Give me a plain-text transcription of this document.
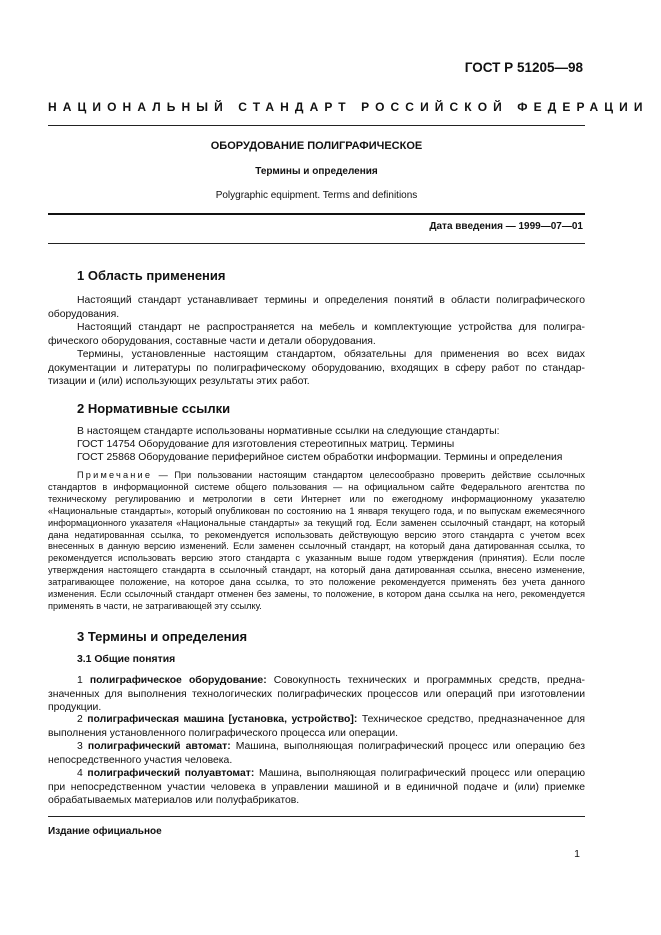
ГОСТ Р 51205—98
НАЦИОНАЛЬНЫЙ СТАНДАРТ РОССИЙСКОЙ ФЕДЕРАЦИИ
ОБОРУДОВАНИЕ ПОЛИГРАФИЧЕСКОЕ
Термины и определения
Polygraphic equipment. Terms and definitions
Дата введения — 1999—07—01
1 Область применения
Настоящий стандарт устанавливает термины и определения понятий в области полиграфического оборудования.
Настоящий стандарт не распространяется на мебель и комплектующие устройства для полиграфического оборудования, составные части и детали оборудования.
Термины, установленные настоящим стандартом, обязательны для применения во всех видах документации и литературы по полиграфическому оборудованию, входящих в сферу работ по стандартизации и (или) использующих результаты этих работ.
2 Нормативные ссылки
В настоящем стандарте использованы нормативные ссылки на следующие стандарты:
ГОСТ 14754 Оборудование для изготовления стереотипных матриц. Термины
ГОСТ 25868 Оборудование периферийное систем обработки информации. Термины и определения
Примечание — При пользовании настоящим стандартом целесообразно проверить действие ссылочных стандартов в информационной системе общего пользования — на официальном сайте Федерального агентства по техническому регулированию и метрологии в сети Интернет или по ежегодному информационному указателю «Национальные стандарты», который опубликован по состоянию на 1 января текущего года, и по выпускам ежемесячного информационного указателя «Национальные стандарты» за текущий год. Если заменен ссылочный стандарт, на который дана недатированная ссылка, то рекомендуется использовать действующую версию этого стандарта с учетом всех внесенных в данную версию изменений. Если заменен ссылочный стандарт, на который дана датированная ссылка, то рекомендуется использовать версию этого стандарта с указанным выше годом утверждения (принятия). Если после утверждения настоящего стандарта в ссылочный стандарт, на который дана датированная ссылка, внесено изменение, затрагивающее положение, на которое дана ссылка, то это положение рекомендуется применять без учета данного изменения. Если ссылочный стандарт отменен без замены, то положение, в котором дана ссылка на него, рекомендуется применять в части, не затрагивающей эту ссылку.
3 Термины и определения
3.1 Общие понятия
1 полиграфическое оборудование: Совокупность технических и программных средств, предназначенных для выполнения технологических полиграфических процессов или операций при изготовлении продукции.
2 полиграфическая машина [установка, устройство]: Техническое средство, предназначенное для выполнения установленного полиграфического процесса или операции.
3 полиграфический автомат: Машина, выполняющая полиграфический процесс или операцию без непосредственного участия человека.
4 полиграфический полуавтомат: Машина, выполняющая полиграфический процесс или операцию при непосредственном участии человека в управлении машиной и в единичной подаче и (или) приемке обрабатываемых материалов или полуфабрикатов.
Издание официальное
1
